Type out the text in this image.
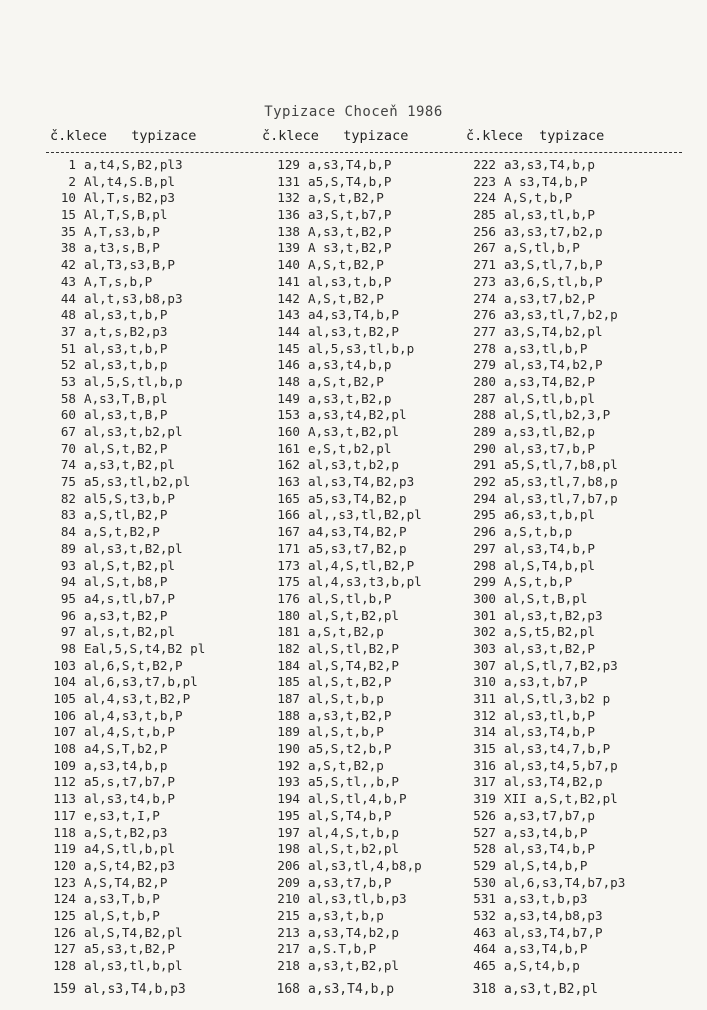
Typizace Choceň 1986
č.klece typizace	č.klece typizace	č.klece typizace
1 a,t4,S,B2,pl3
2 Al,t4,S.B,pl
10 Al,T,s,B2,p3
15 Al,T,S,B,pl
35 A,T,s3,b,P
38 a,t3,s,B,P
42 al,T3,s3,B,P
43 A,T,s,b,P
44 al,t,s3,b8,p3
48 al,s3,t,b,P
37 a,t,s,B2,p3
51 al,s3,t,b,P
52 al,s3,t,b,p
53 al,5,S,tl,b,p
58 A,s3,T,B,pl
60 al,s3,t,B,P
67 al,s3,t,b2,pl
70 al,S,t,B2,P
74 a,s3,t,B2,pl
75 a5,s3,tl,b2,pl
82 al5,S,t3,b,P
83 a,S,tl,B2,P
84 a,S,t,B2,P
89 al,s3,t,B2,pl
93 al,S,t,B2,pl
94 al,S,t,b8,P
95 a4,s,tl,b7,P
96 a,s3,t,B2,P
97 al,s,t,B2,pl
98 Eal,5,S,t4,B2 pl
103 al,6,S,t,B2,P
104 al,6,s3,t7,b,pl
105 al,4,s3,t,B2,P
106 al,4,s3,t,b,P
107 al,4,S,t,b,P
108 a4,S,T,b2,P
109 a,s3,t4,b,p
112 a5,s,t7,b7,P
113 al,s3,t4,b,P
117 e,s3,t,I,P
118 a,S,t,B2,p3
119 a4,S,tl,b,pl
120 a,S,t4,B2,p3
123 A,S,T4,B2,P
124 a,s3,T,b,P
125 al,S,t,b,P
126 al,S,T4,B2,pl
127 a5,s3,t,B2,P
128 al,s3,tl,b,pl
159 al,s3,T4,b,p3
129 a,s3,T4,b,P
131 a5,S,T4,b,P
132 a,S,t,B2,P
136 a3,S,t,b7,P
138 A,s3,t,B2,P
139 A s3,t,B2,P
140 A,S,t,B2,P
141 al,s3,t,b,P
142 A,S,t,B2,P
143 a4,s3,T4,b,P
144 al,s3,t,B2,P
145 al,5,s3,tl,b,p
146 a,s3,t4,b,p
148 a,S,t,B2,P
149 a,s3,t,B2,p
153 a,s3,t4,B2,pl
160 A,s3,t,B2,pl
161 e,S,t,b2,pl
162 al,s3,t,b2,p
163 al,s3,T4,B2,p3
165 a5,s3,T4,B2,p
166 al,,s3,tl,B2,pl
167 a4,s3,T4,B2,P
171 a5,s3,t7,B2,p
173 al,4,S,tl,B2,P
175 al,4,s3,t3,b,pl
176 al,S,tl,b,P
180 al,S,t,B2,pl
181 a,S,t,B2,p
182 al,S,tl,B2,P
184 al,S,T4,B2,P
185 al,S,t,B2,P
187 al,S,t,b,p
188 a,s3,t,B2,P
189 al,S,t,b,P
190 a5,S,t2,b,P
192 a,S,t,B2,p
193 a5,S,tl,,b,P
194 al,S,tl,4,b,P
195 al,S,T4,b,P
197 al,4,S,t,b,p
198 al,S,t,b2,pl
206 al,s3,tl,4,b8,p
209 a,s3,t7,b,P
210 al,s3,tl,b,p3
215 a,s3,t,b,p
213 a,s3,T4,b2,p
217 a,S.T,b,P
218 a,s3,t,B2,pl
168 a,s3,T4,b,p
222 a3,s3,T4,b,p
223 A s3,T4,b,P
224 A,S,t,b,P
285 al,s3,tl,b,P
256 a3,s3,t7,b2,p
267 a,S,tl,b,P
271 a3,S,tl,7,b,P
273 a3,6,S,tl,b,P
274 a,s3,t7,b2,P
276 a3,s3,tl,7,b2,p
277 a3,S,T4,b2,pl
278 a,s3,tl,b,P
279 al,s3,T4,b2,P
280 a,s3,T4,B2,P
287 al,S,tl,b,pl
288 al,S,tl,b2,3,P
289 a,s3,tl,B2,p
290 al,s3,t7,b,P
291 a5,S,tl,7,b8,pl
292 a5,s3,tl,7,b8,p
294 al,s3,tl,7,b7,p
295 a6,s3,t,b,pl
296 a,S,t,b,p
297 al,s3,T4,b,P
298 al,S,T4,b,pl
299 A,S,t,b,P
300 al,S,t,B,pl
301 al,s3,t,B2,p3
302 a,S,t5,B2,pl
303 al,s3,t,B2,P
307 al,S,tl,7,B2,p3
310 a,s3,t,b7,P
311 al,S,tl,3,b2 p
312 al,s3,tl,b,P
314 al,s3,T4,b,P
315 al,s3,t4,7,b,P
316 al,s3,t4,5,b7,p
317 al,s3,T4,B2,p
319 XII a,S,t,B2,pl
526 a,s3,t7,b7,p
527 a,s3,t4,b,P
528 al,s3,T4,b,P
529 al,S,t4,b,P
530 al,6,s3,T4,b7,p3
531 a,s3,t,b,p3
532 a,s3,t4,b8,p3
463 al,s3,T4,b7,P
464 a,s3,T4,b,P
465 a,S,t4,b,p
318 a,s3,t,B2,pl
